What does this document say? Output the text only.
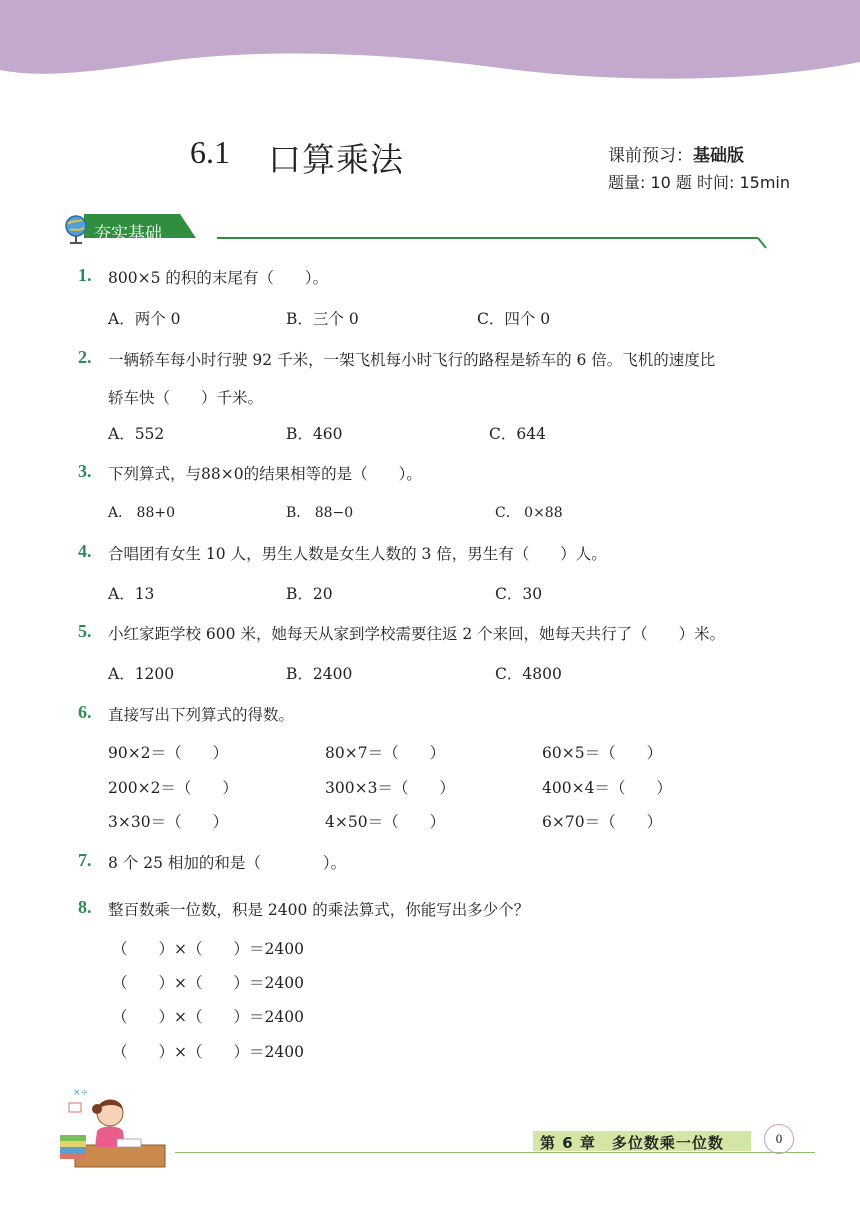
6.1 口算乘法	课前预习：基础版
题量: 10 题 时间: 15min
夯实基础
1. 800×5 的积的末尾有（　　）。
A．两个 0	B．三个 0	C．四个 0
2. 一辆轿车每小时行驶 92 千米，一架飞机每小时飞行的路程是轿车的 6 倍。飞机的速度比
轿车快（　　）千米。
A．552	B．460	C．644
3. 下列算式，与88×0的结果相等的是（　　）。
A． 88+0	B． 88−0	C． 0×88
4. 合唱团有女生 10 人，男生人数是女生人数的 3 倍，男生有（　　）人。
A．13	B．20	C．30
5. 小红家距学校 600 米，她每天从家到学校需要往返 2 个来回，她每天共行了（　　）米。
A．1200	B．2400	C．4800
6. 直接写出下列算式的得数。
90×2＝（　　）	80×7＝（　　）	60×5＝（　　）
200×2＝（　　）	300×3＝（　　）	400×4＝（　　）
3×30＝（　　）	4×50＝（　　）	6×70＝（　　）
7. 8 个 25 相加的和是（　　　　）。
8. 整百数乘一位数，积是 2400 的乘法算式，你能写出多少个？
（　　）×（　　）＝2400
（　　）×（　　）＝2400
（　　）×（　　）＝2400
（　　）×（　　）＝2400
×÷
第 6 章　多位数乘一位数	0
